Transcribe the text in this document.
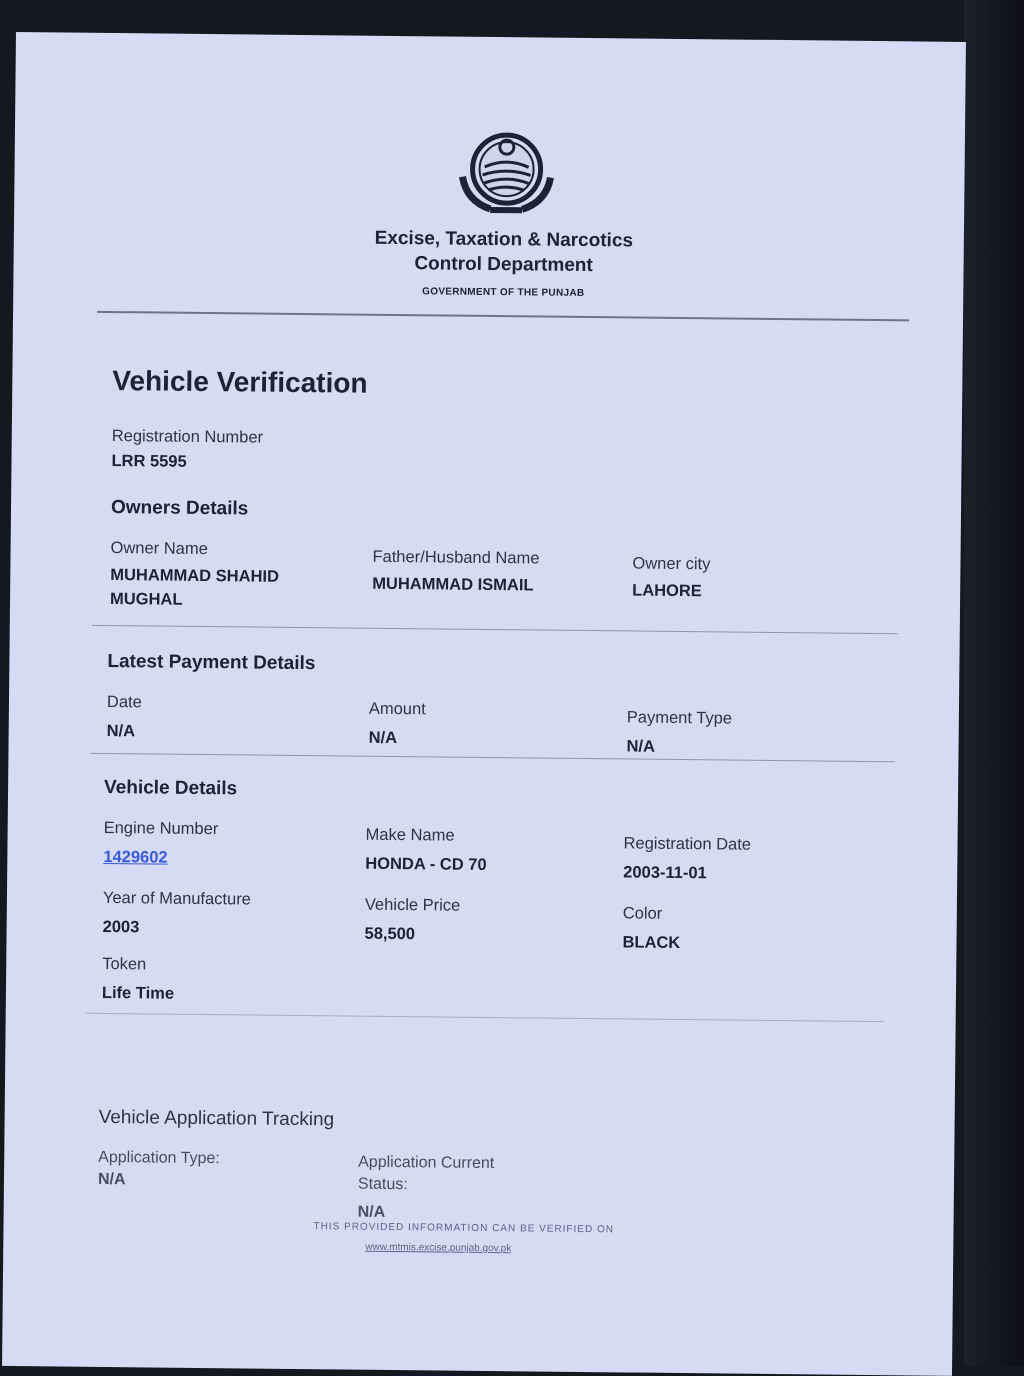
Excise, Taxation & Narcotics
Control Department
GOVERNMENT OF THE PUNJAB
Vehicle Verification
Registration Number
LRR 5595
Owners Details
Owner Name
MUHAMMAD SHAHID
MUGHAL
Father/Husband Name
MUHAMMAD ISMAIL
Owner city
LAHORE
Latest Payment Details
Date
N/A
Amount
N/A
Payment Type
N/A
Vehicle Details
Engine Number
1429602
Make Name
HONDA - CD 70
Registration Date
2003-11-01
Year of Manufacture
2003
Vehicle Price
58,500
Color
BLACK
Token
Life Time
Vehicle Application Tracking
Application Type:
N/A
Application Current
Status:
N/A
THIS PROVIDED INFORMATION CAN BE VERIFIED ON
www.mtmis.excise.punjab.gov.pk
